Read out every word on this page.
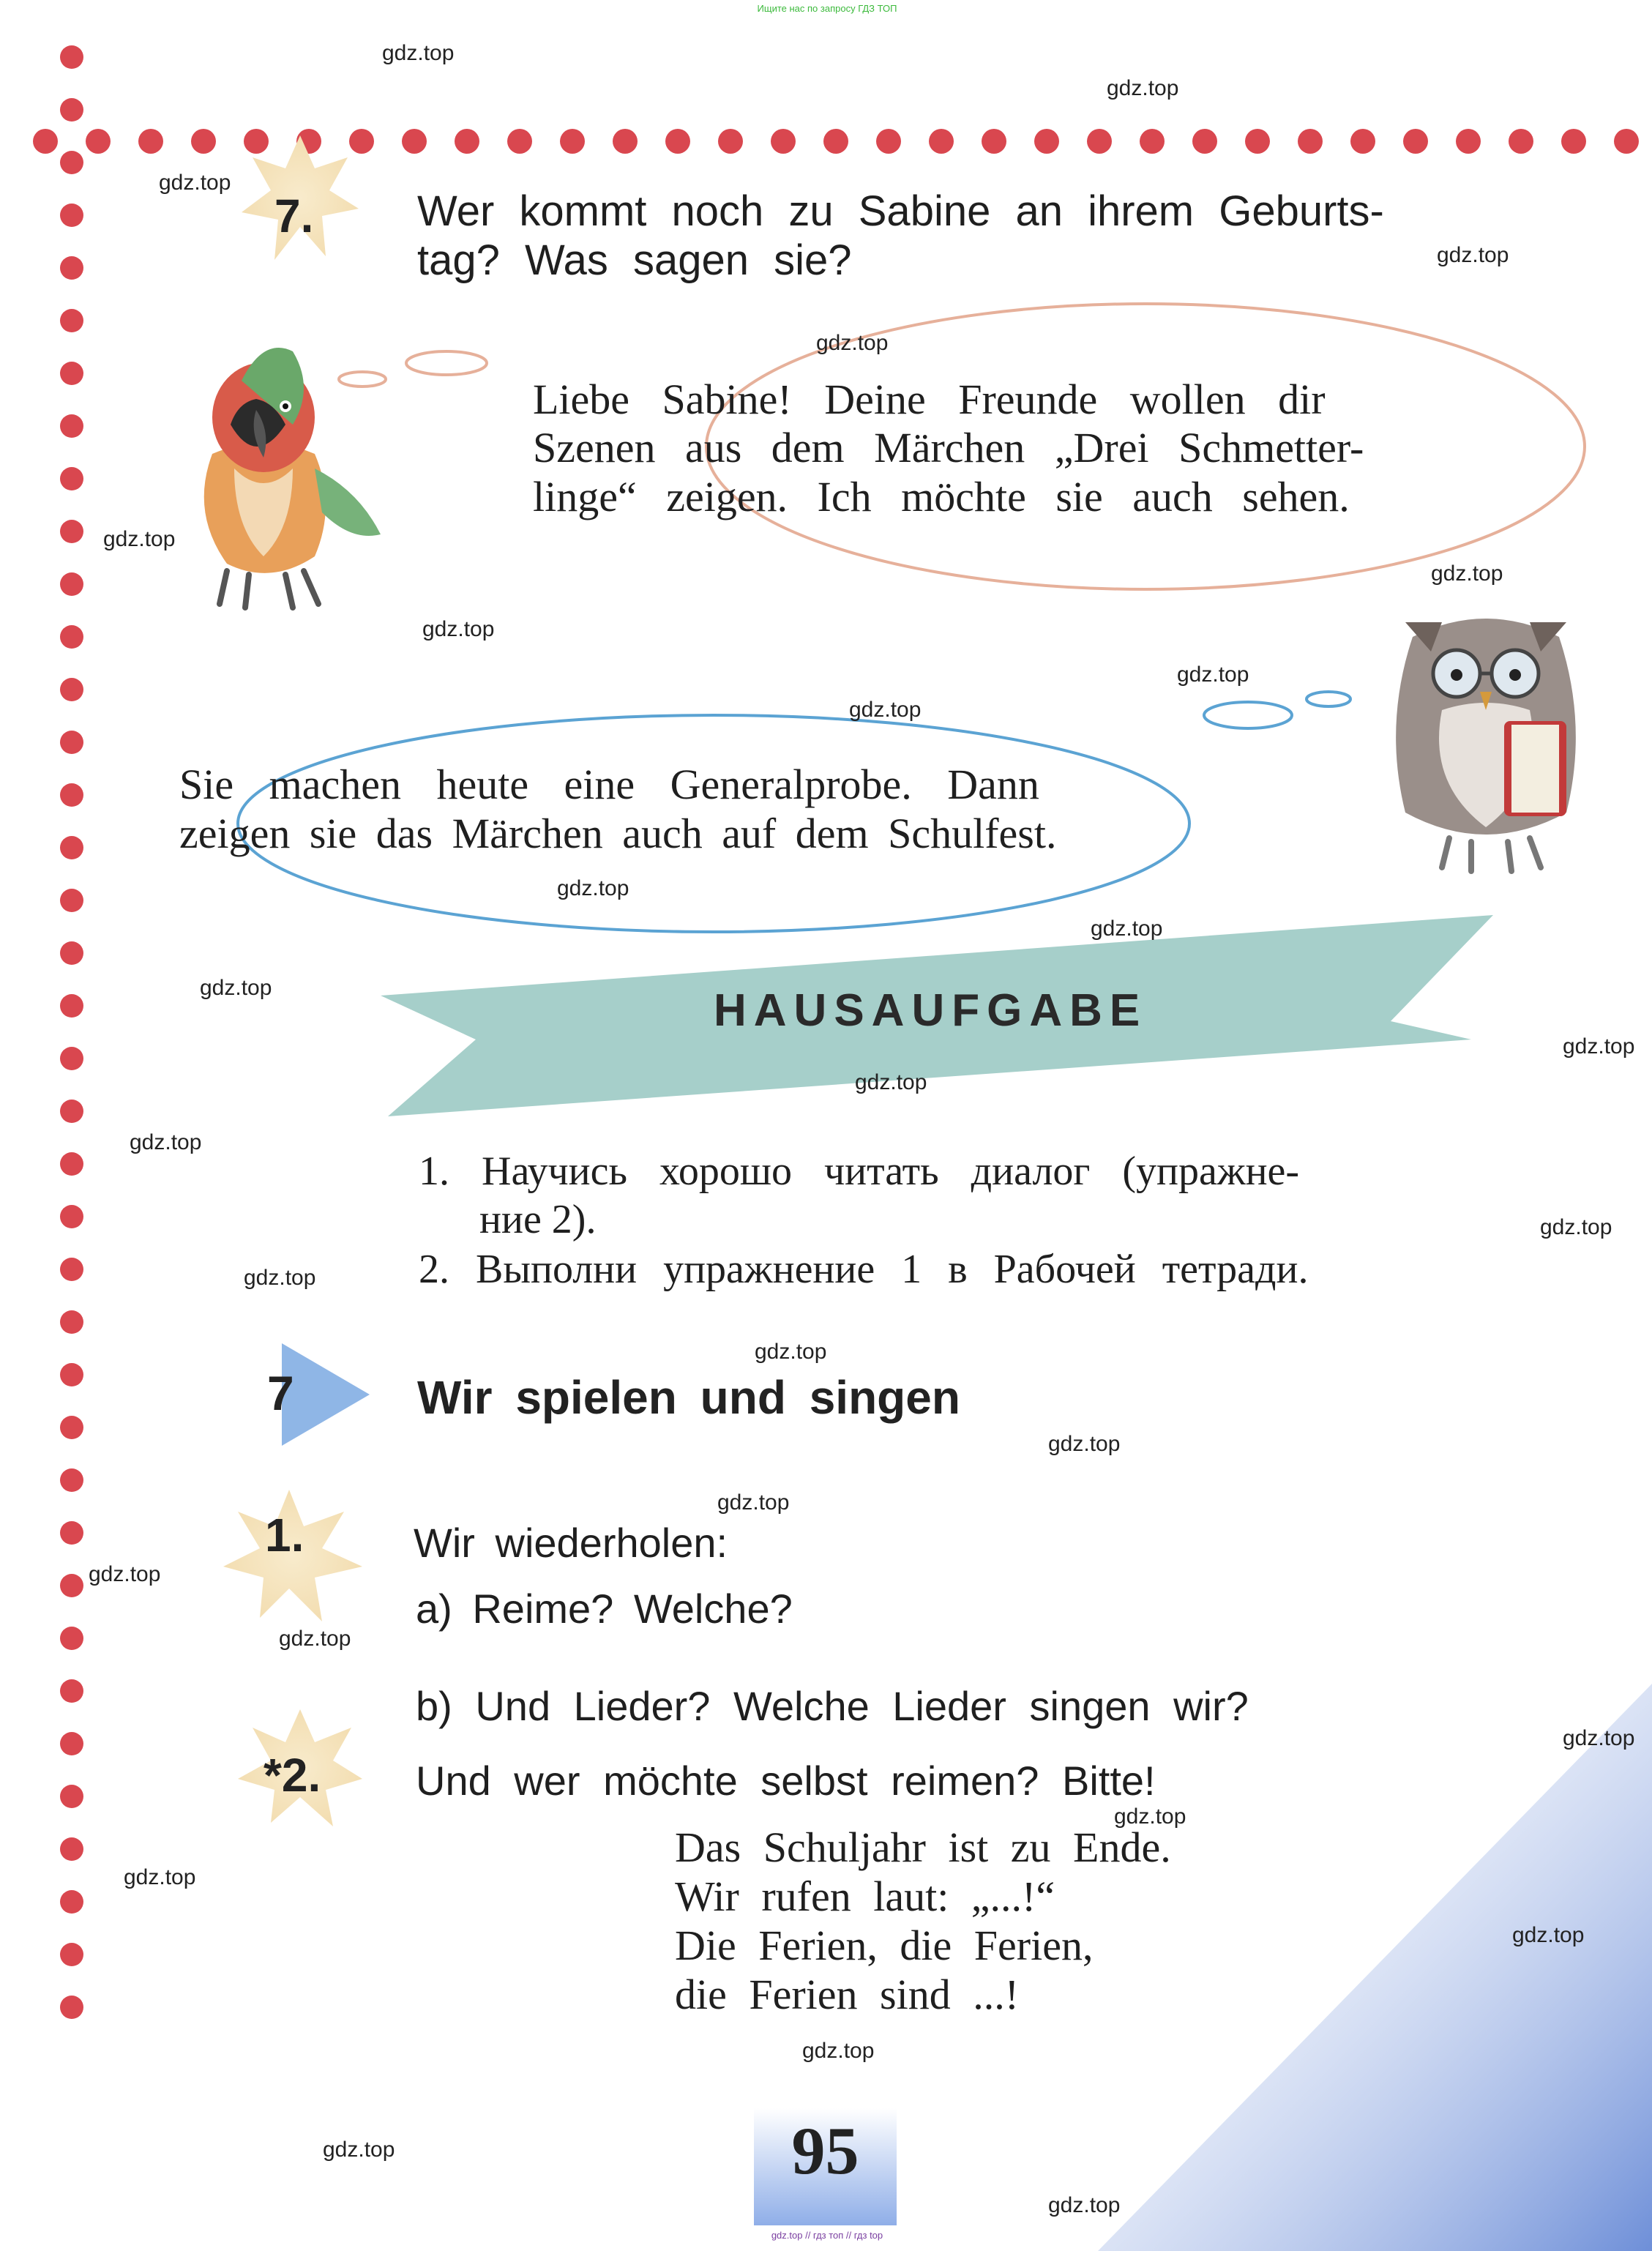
Ищите нас по запросу ГДЗ ТОП
7. Wer kommt noch zu Sabine an ihrem Geburts-
tag? Was sagen sie?
Liebe Sabine! Deine Freunde wollen dir
Szenen aus dem Märchen „Drei Schmetter-
linge“ zeigen. Ich möchte sie auch sehen.
Sie machen heute eine Generalprobe. Dann
zeigen sie das Märchen auch auf dem Schulfest.
HAUSAUFGABE
1. Научись хорошо читать диалог (упражне-
ние 2).
2. Выполни упражнение 1 в Рабочей тетради.
7	Wir spielen und singen
1.	Wir wiederholen:
a) Reime? Welche?
b) Und Lieder? Welche Lieder singen wir?
*2. Und wer möchte selbst reimen? Bitte!
Das Schuljahr ist zu Ende.
Wir rufen laut: „...!“
Die Ferien, die Ferien,
die Ferien sind ...!
95
gdz.top // гдз топ // гдз top
gdz.top
gdz.top
gdz.top
gdz.top
gdz.top
gdz.top
gdz.top
gdz.top
gdz.top
gdz.top
gdz.top
gdz.top
gdz.top
gdz.top
gdz.top
gdz.top
gdz.top
gdz.top
gdz.top
gdz.top
gdz.top
gdz.top
gdz.top
gdz.top
gdz.top
gdz.top
gdz.top
gdz.top
gdz.top
gdz.top
